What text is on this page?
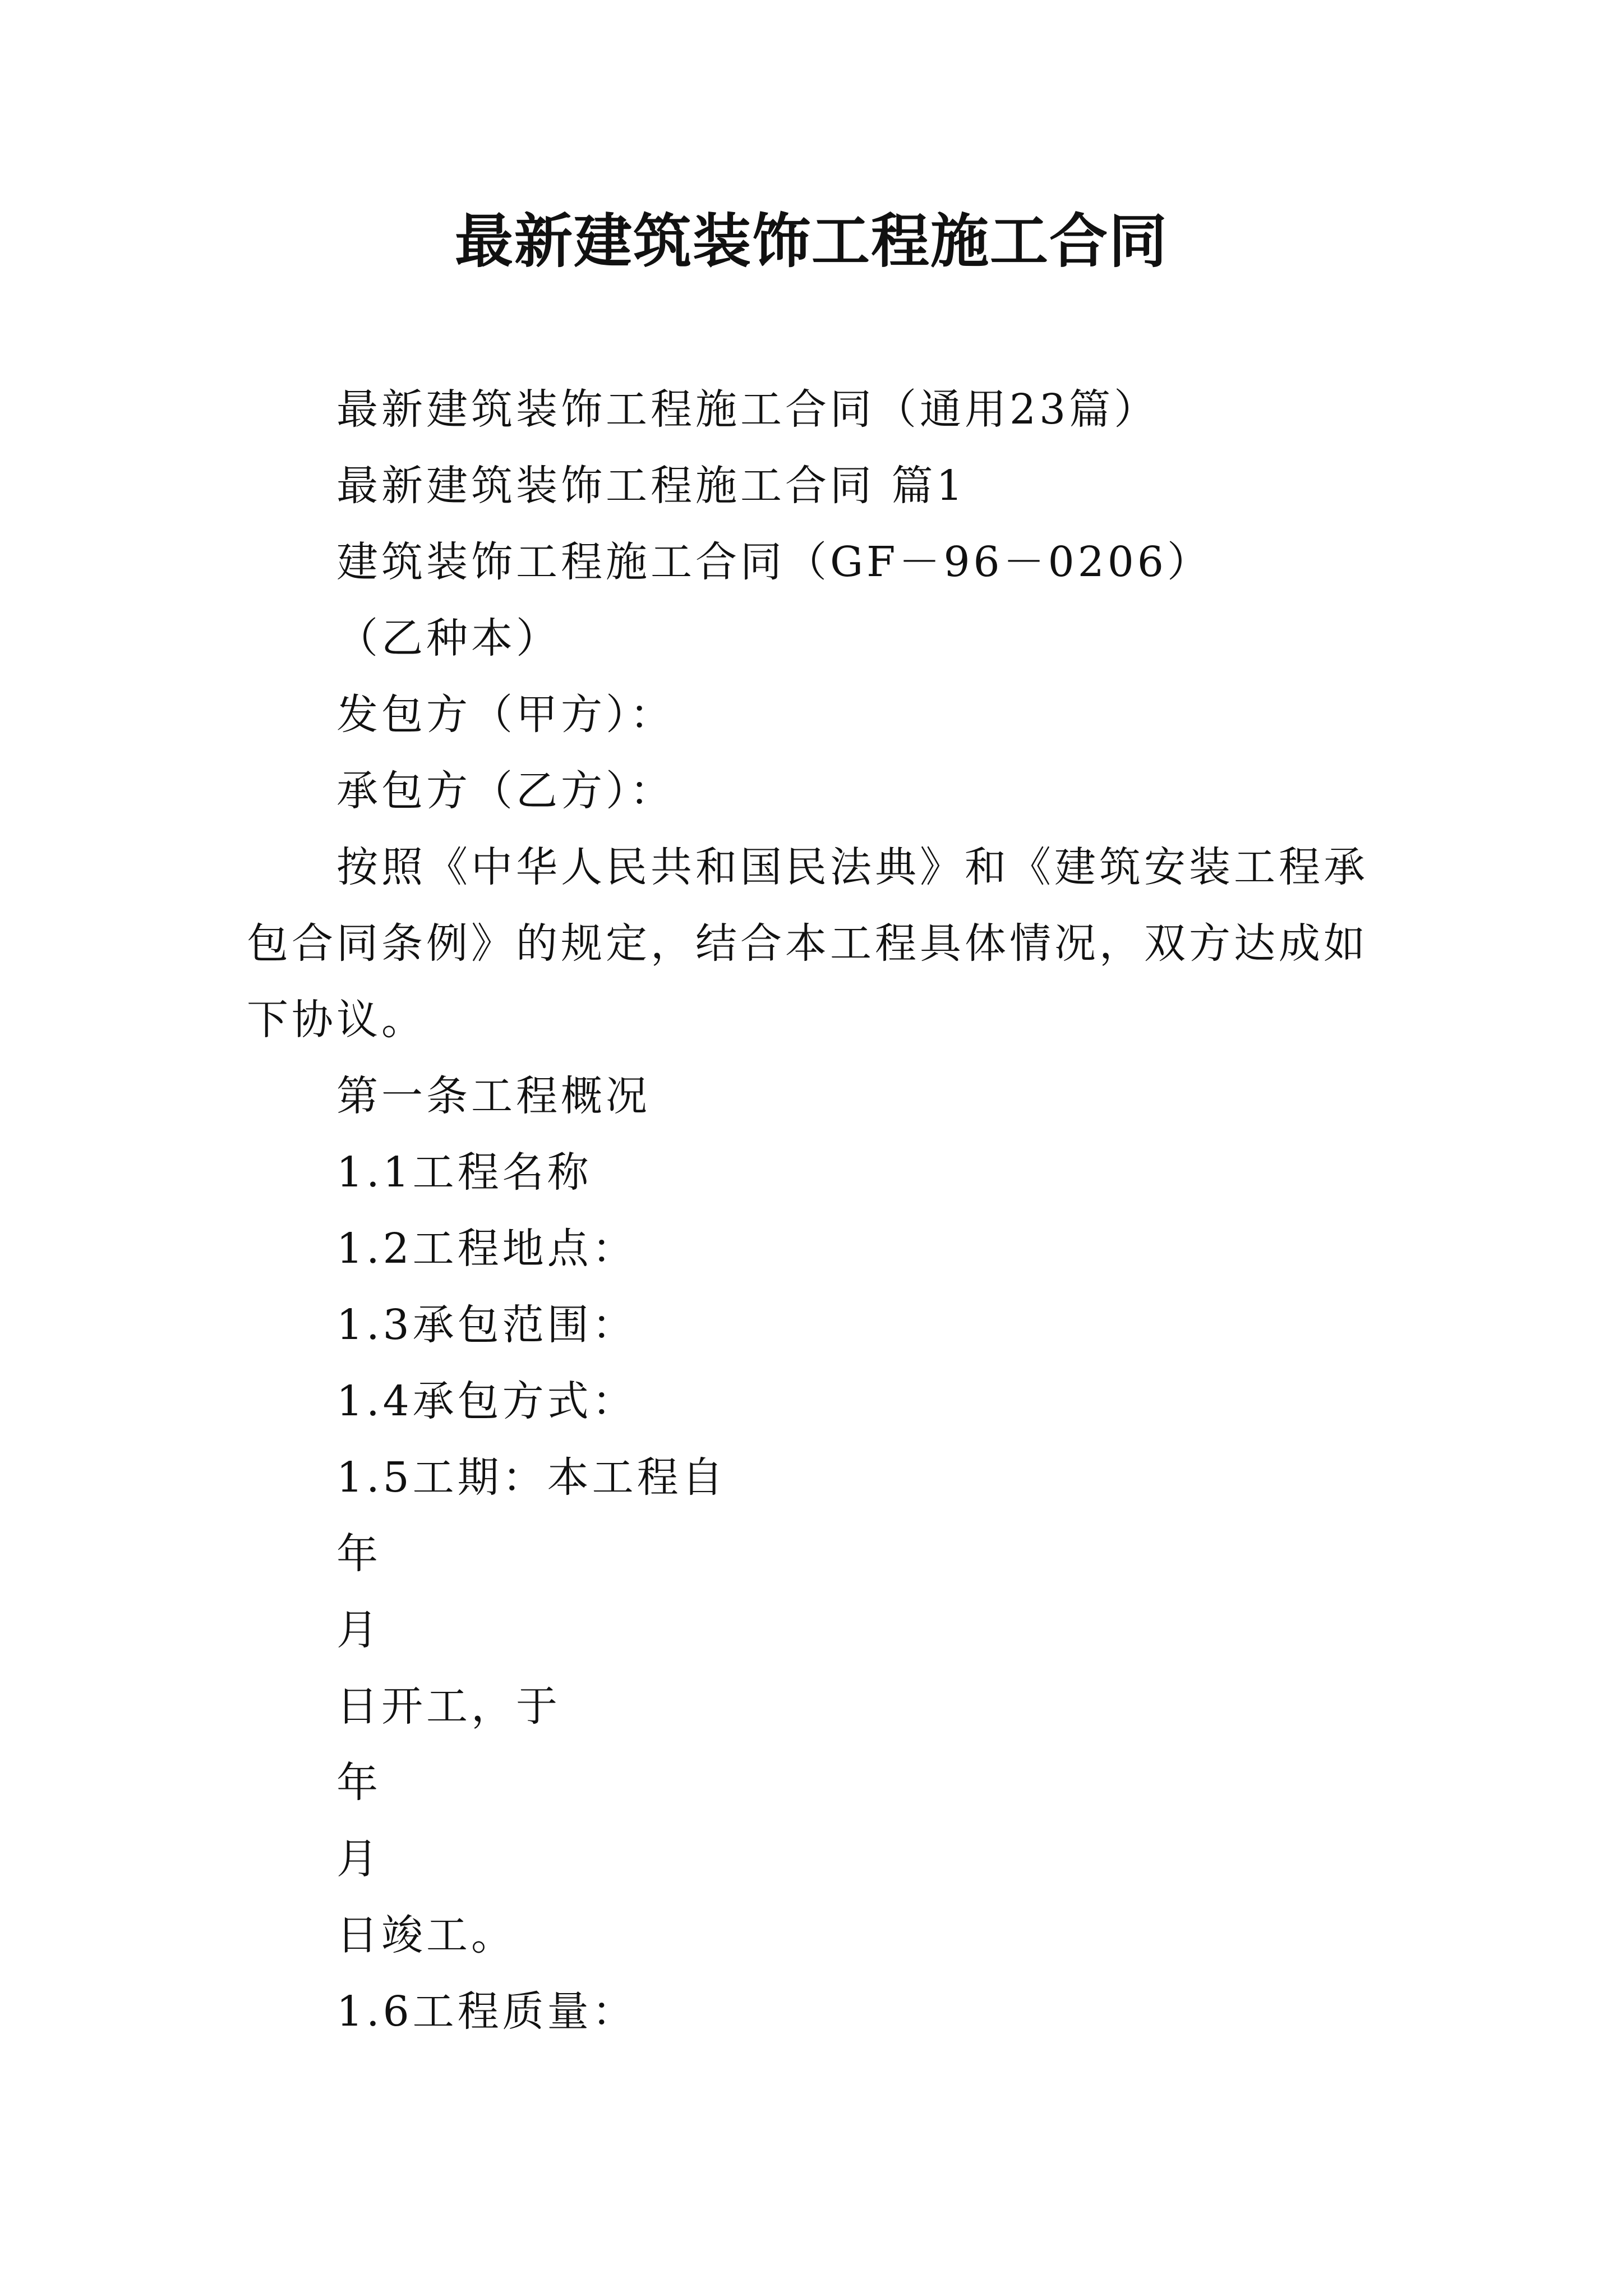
最新建筑装饰工程施工合同

最新建筑装饰工程施工合同（通用23篇）

最新建筑装饰工程施工合同 篇1

建筑装饰工程施工合同（GF－96－0206）

（乙种本）

发包方（甲方）：

承包方（乙方）：

按照《中华人民共和国民法典》和《建筑安装工程承包合同条例》的规定，结合本工程具体情况，双方达成如下协议。

第一条工程概况

1.1工程名称

1.2工程地点：

1.3承包范围：

1.4承包方式：

1.5工期：本工程自

年

月

日开工，于

年

月

日竣工。

1.6工程质量：
